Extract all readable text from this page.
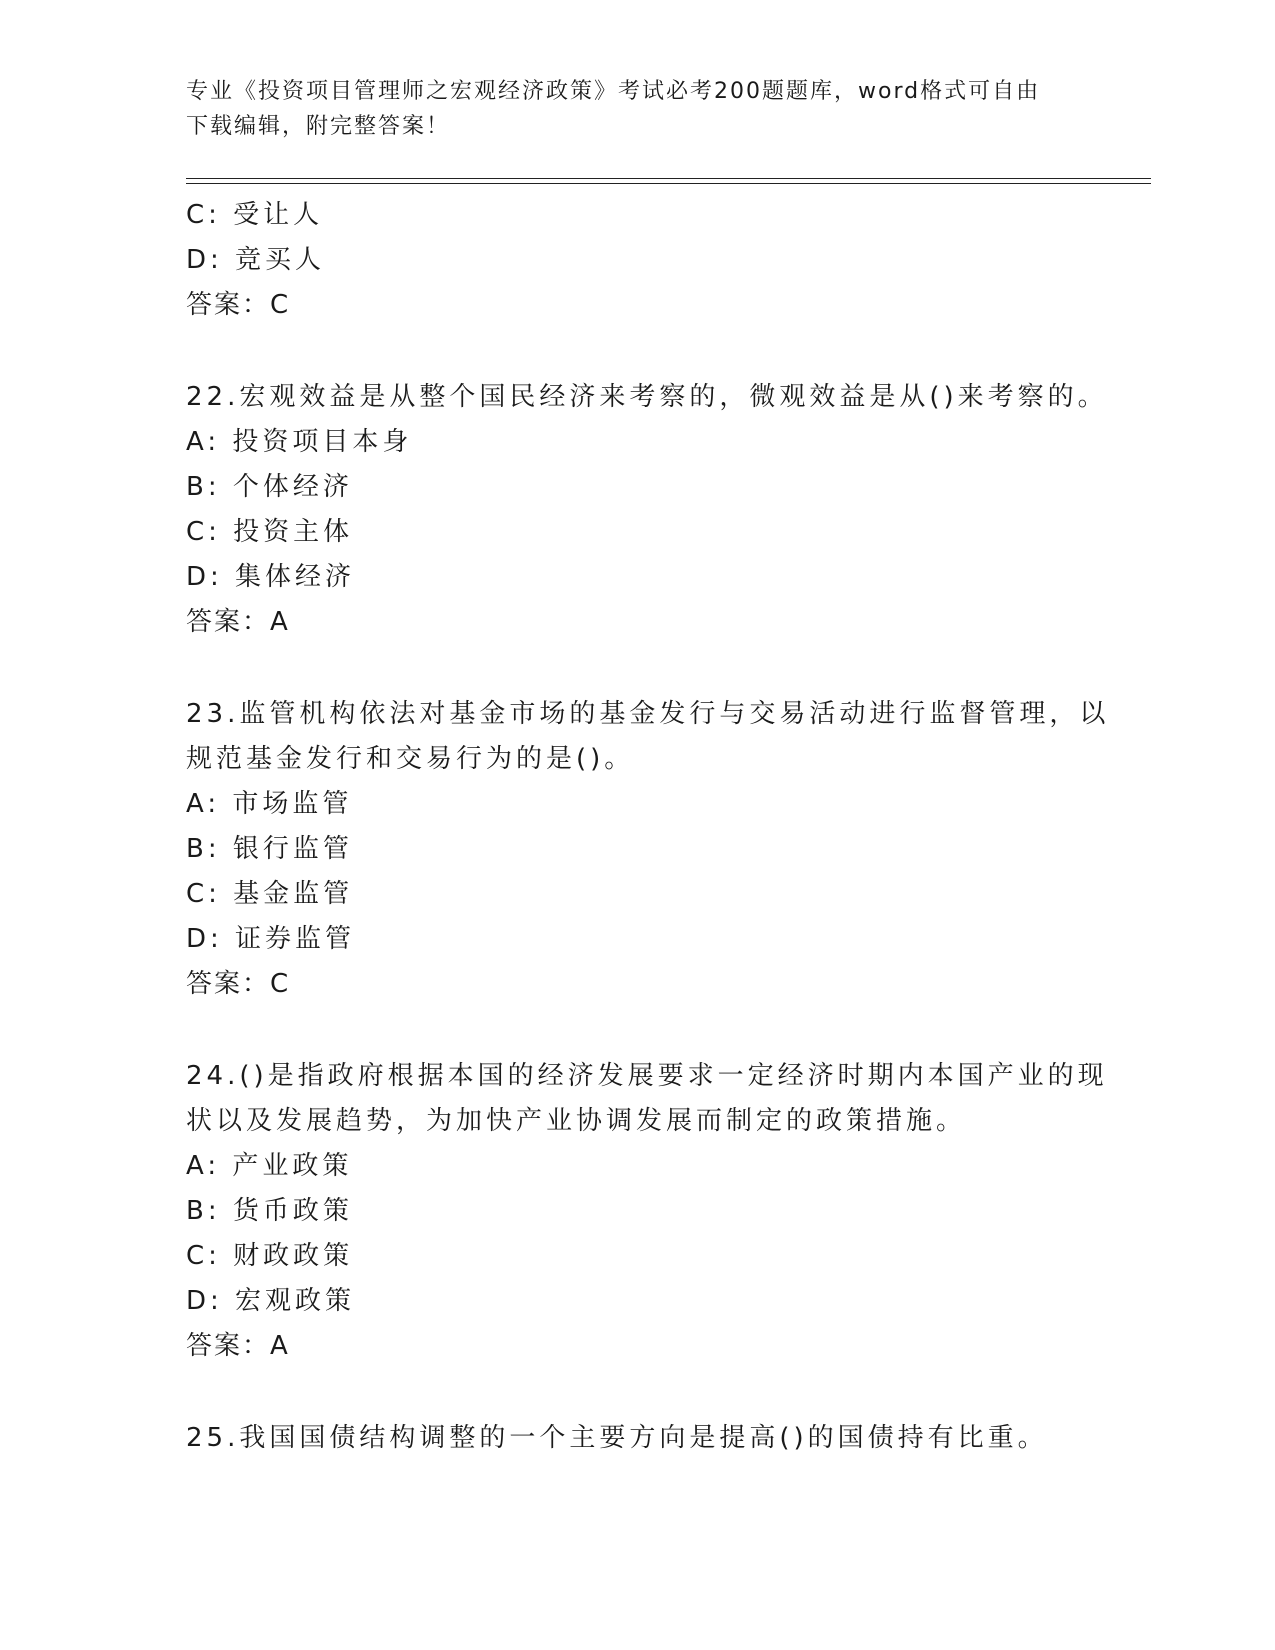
专业《投资项目管理师之宏观经济政策》考试必考200题题库，word格式可自由
下载编辑，附完整答案！
C: 受让人
D: 竞买人
答案：C
22.宏观效益是从整个国民经济来考察的，微观效益是从()来考察的。
A: 投资项目本身
B: 个体经济
C: 投资主体
D: 集体经济
答案：A
23.监管机构依法对基金市场的基金发行与交易活动进行监督管理，以
规范基金发行和交易行为的是()。
A: 市场监管
B: 银行监管
C: 基金监管
D: 证券监管
答案：C
24.()是指政府根据本国的经济发展要求一定经济时期内本国产业的现
状以及发展趋势，为加快产业协调发展而制定的政策措施。
A: 产业政策
B: 货币政策
C: 财政政策
D: 宏观政策
答案：A
25.我国国债结构调整的一个主要方向是提高()的国债持有比重。
